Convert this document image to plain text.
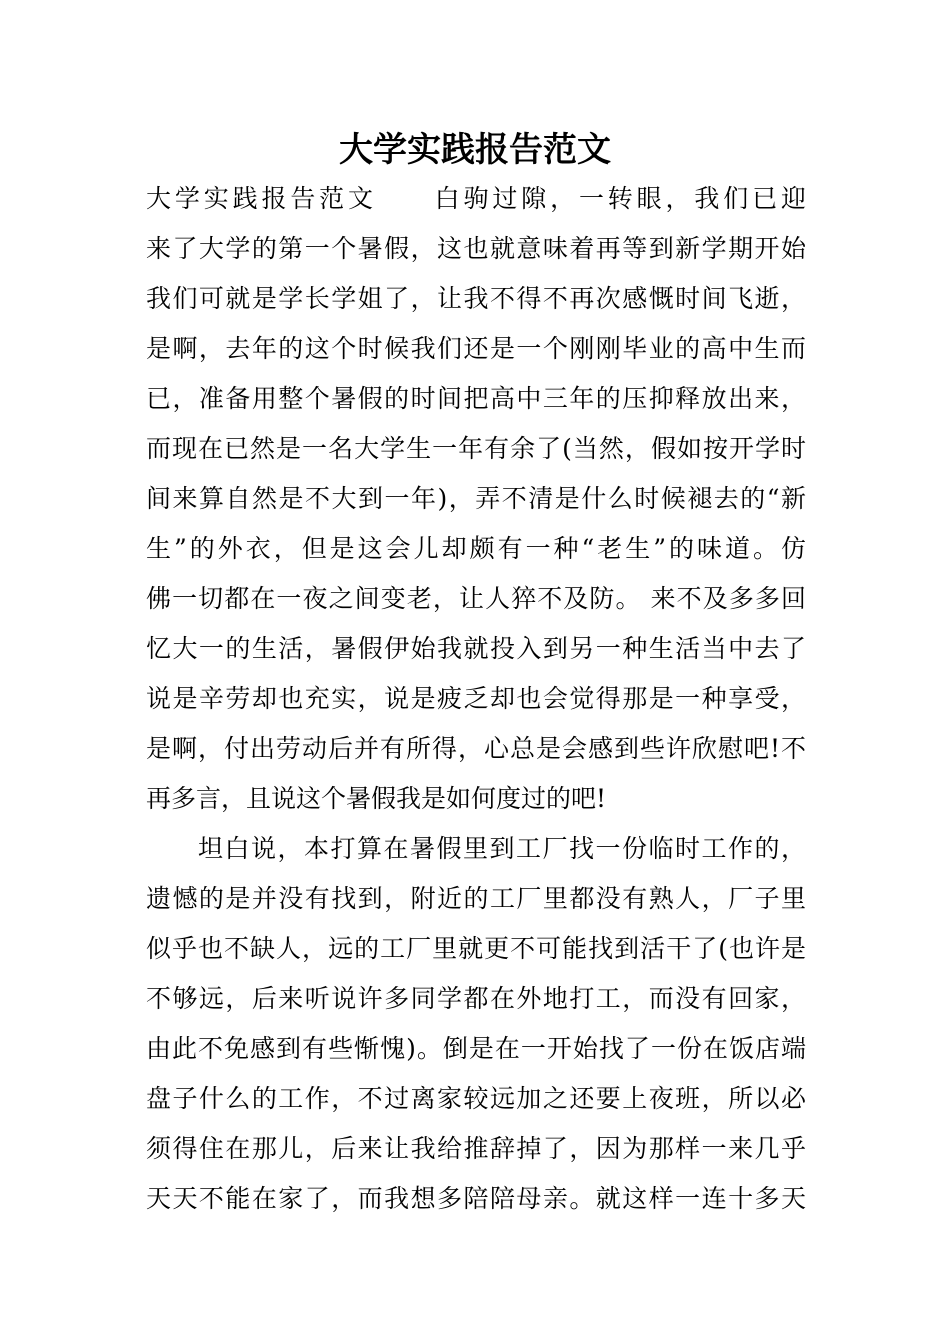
大学实践报告范文
大学实践报告范文　　白驹过隙，一转眼，我们已迎
来了大学的第一个暑假，这也就意味着再等到新学期开始
我们可就是学长学姐了，让我不得不再次感慨时间飞逝，
是啊，去年的这个时候我们还是一个刚刚毕业的高中生而
已，准备用整个暑假的时间把高中三年的压抑释放出来，
而现在已然是一名大学生一年有余了(当然，假如按开学时
间来算自然是不大到一年)，弄不清是什么时候褪去的“新
生”的外衣，但是这会儿却颇有一种“老生”的味道。仿
佛一切都在一夜之间变老，让人猝不及防。 来不及多多回
忆大一的生活，暑假伊始我就投入到另一种生活当中去了
说是辛劳却也充实，说是疲乏却也会觉得那是一种享受，
是啊，付出劳动后并有所得，心总是会感到些许欣慰吧!不
再多言，且说这个暑假我是如何度过的吧!
坦白说，本打算在暑假里到工厂找一份临时工作的，
遗憾的是并没有找到，附近的工厂里都没有熟人，厂子里
似乎也不缺人，远的工厂里就更不可能找到活干了(也许是
不够远，后来听说许多同学都在外地打工，而没有回家，
由此不免感到有些惭愧)。倒是在一开始找了一份在饭店端
盘子什么的工作，不过离家较远加之还要上夜班，所以必
须得住在那儿，后来让我给推辞掉了，因为那样一来几乎
天天不能在家了，而我想多陪陪母亲。就这样一连十多天
